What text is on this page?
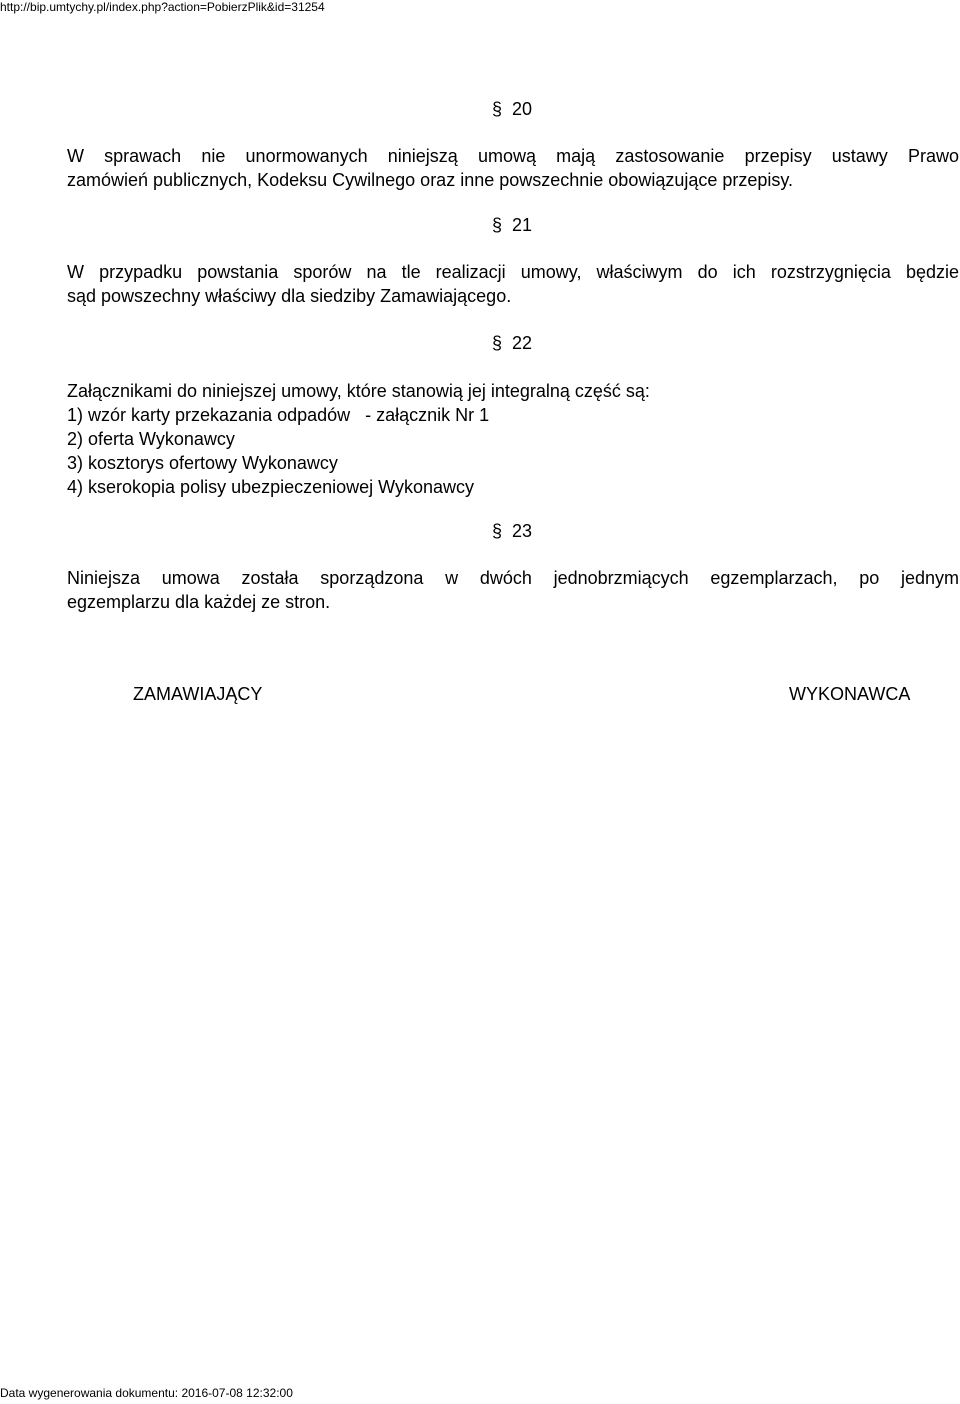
http://bip.umtychy.pl/index.php?action=PobierzPlik&id=31254
§ 20
W sprawach nie unormowanych niniejszą umową mają zastosowanie przepisy ustawy Prawo
zamówień publicznych, Kodeksu Cywilnego oraz inne powszechnie obowiązujące przepisy.
§ 21
W przypadku powstania sporów na tle realizacji umowy, właściwym do ich rozstrzygnięcia będzie
sąd powszechny właściwy dla siedziby Zamawiającego.
§ 22
Załącznikami do niniejszej umowy, które stanowią jej integralną część są:
1) wzór karty przekazania odpadów   - załącznik Nr 1
2) oferta Wykonawcy
3) kosztorys ofertowy Wykonawcy
4) kserokopia polisy ubezpieczeniowej Wykonawcy
§ 23
Niniejsza umowa została sporządzona w dwóch jednobrzmiących egzemplarzach, po jednym
egzemplarzu dla każdej ze stron.
ZAMAWIAJĄCY	WYKONAWCA
Data wygenerowania dokumentu: 2016-07-08 12:32:00
